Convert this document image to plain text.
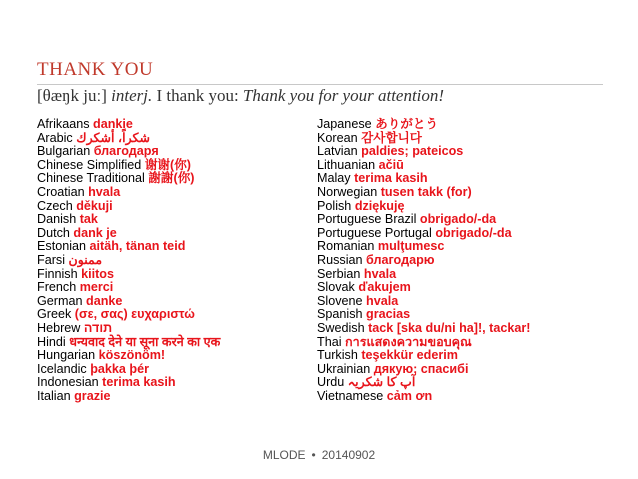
THANK YOU
[θæŋk juː] interj. I thank you: Thank you for your attention!
Afrikaans dankie
Arabic شكراً، أشكرك
Bulgarian благодаря
Chinese Simplified 谢谢(你)
Chinese Traditional 謝謝(你)
Croatian hvala
Czech děkuji
Danish tak
Dutch dank je
Estonian aitäh, tänan teid
Farsi ممنون
Finnish kiitos
French merci
German danke
Greek (σε, σας) ευχαριστώ
Hebrew תודה
Hindi धन्यवाद देने या सूना करने का एक
Hungarian köszönöm!
Icelandic þakka þér
Indonesian terima kasih
Italian grazie
Japanese ありがとう
Korean 감사합니다
Latvian paldies; pateicos
Lithuanian ačiū
Malay terima kasih
Norwegian tusen takk (for)
Polish dziękuję
Portuguese Brazil obrigado/-da
Portuguese Portugal obrigado/-da
Romanian mulţumesc
Russian благодарю
Serbian hvala
Slovak ďakujem
Slovene hvala
Spanish gracias
Swedish tack [ska du/ni ha]!, tackar!
Thai การแสดงความขอบคุณ
Turkish teşekkür ederim
Ukrainian дякую; спасибі
Urdu آپ کا شکریہ
Vietnamese cảm ơn
MLODE • 20140902
